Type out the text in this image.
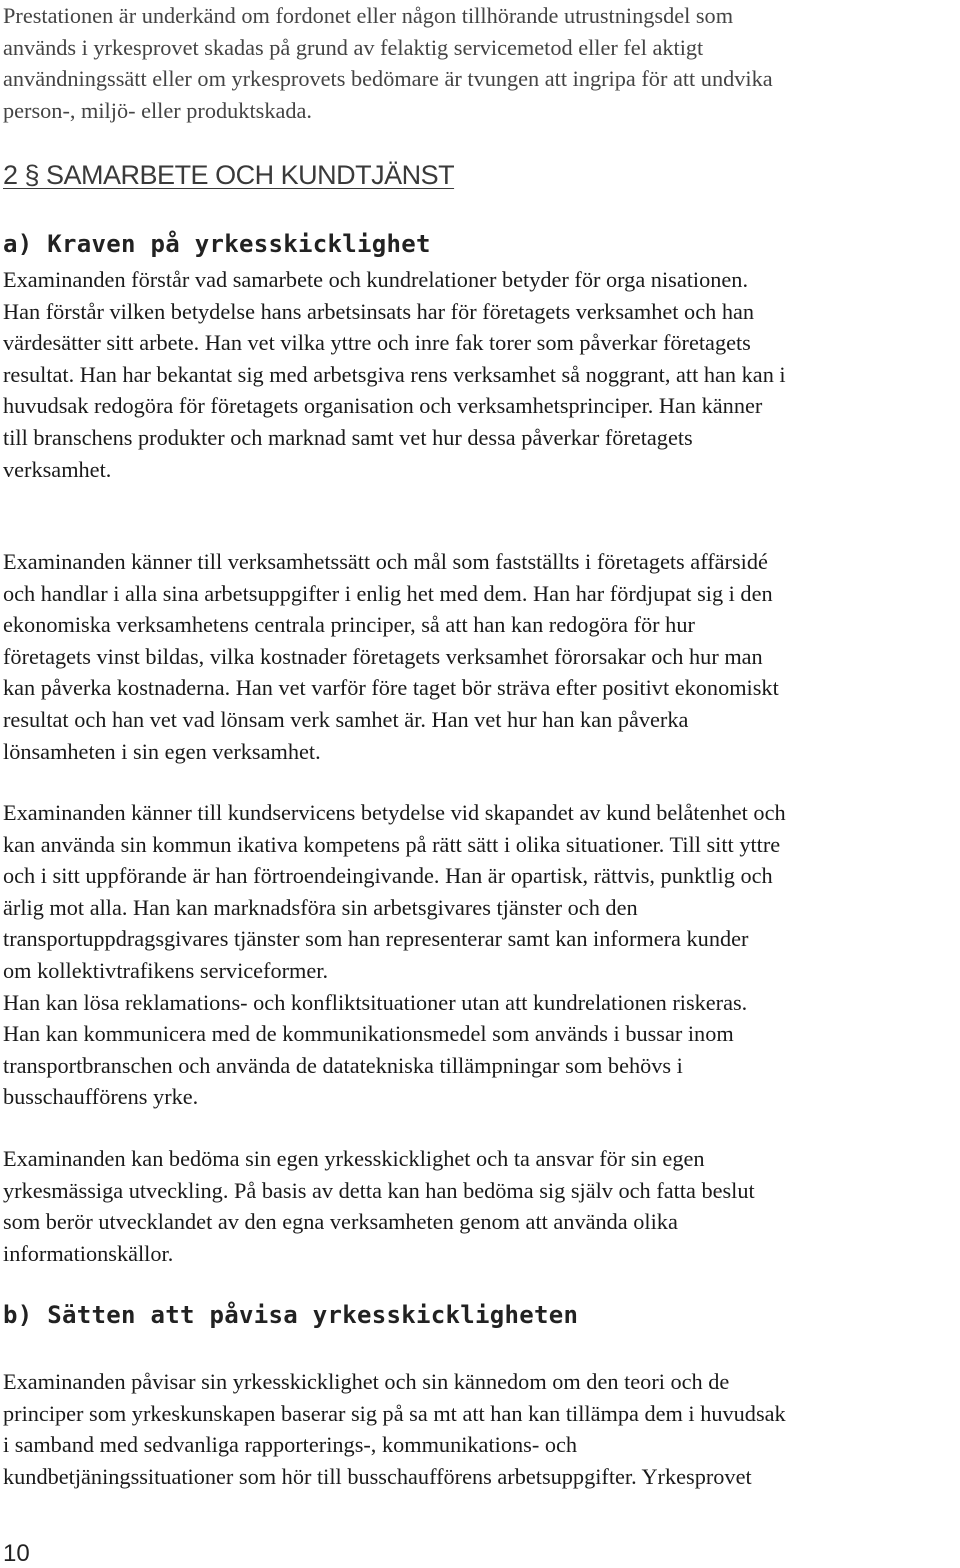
Prestationen är underkänd om fordonet eller någon tillhörande utrustningsdel som
används i yrkesprovet skadas på grund av felaktig servicemetod eller fel aktigt
användningssätt eller om yrkesprovets bedömare är tvungen att ingripa för att undvika
person-, miljö- eller produktskada.

2 § SAMARBETE OCH KUNDTJÄNST
a) Kraven på yrkesskicklighet

Examinanden förstår vad samarbete och kundrelationer betyder för orga nisationen.
Han förstår vilken betydelse hans arbetsinsats har för företagets verksamhet och han
värdesätter sitt arbete. Han vet vilka yttre och inre fak torer som påverkar företagets
resultat. Han har bekantat sig med arbetsgiva rens verksamhet så noggrant, att han kan i
huvudsak redogöra för företagets organisation och verksamhetsprinciper. Han känner
till branschens produkter och marknad samt vet hur dessa påverkar företagets
verksamhet.

Examinanden känner till verksamhetssätt och mål som fastställts i företagets affärsidé
och handlar i alla sina arbetsuppgifter i enlig het med dem. Han har fördjupat sig i den
ekonomiska verksamhetens centrala principer, så att han kan redogöra för hur
företagets vinst bildas, vilka kostnader företagets verksamhet förorsakar och hur man
kan påverka kostnaderna. Han vet varför före taget bör sträva efter positivt ekonomiskt
resultat och han vet vad lönsam verk samhet är. Han vet hur han kan påverka
lönsamheten i sin egen verksamhet.

Examinanden känner till kundservicens betydelse vid skapandet av kund belåtenhet och
kan använda sin kommun ikativa kompetens på rätt sätt i olika situationer. Till sitt yttre
och i sitt uppförande är han förtroendeingivande. Han är opartisk, rättvis, punktlig och
ärlig mot alla. Han kan marknadsföra sin arbetsgivares tjänster och den
transportuppdragsgivares tjänster som han representerar samt kan informera kunder
om kollektivtrafikens serviceformer.
Han kan lösa reklamations- och konfliktsituationer utan att kundrelationen riskeras.
Han kan kommunicera med de kommunikationsmedel som används i bussar inom
transportbranschen och använda de datatekniska tillämpningar som behövs i
busschaufförens yrke.

Examinanden kan bedöma sin egen yrkesskicklighet och ta ansvar för sin egen
yrkesmässiga utveckling. På basis av detta kan han bedöma sig själv och fatta beslut
som berör utvecklandet av den egna verksamheten genom att använda olika
informationskällor.

b) Sätten att påvisa yrkesskickligheten

Examinanden påvisar sin yrkesskicklighet och sin kännedom om den teori och de
principer som yrkeskunskapen baserar sig på sa mt att han kan tillämpa dem i huvudsak
i samband med sedvanliga rapporterings-, kommunikations- och
kundbetjäningssituationer som hör till busschaufförens arbetsuppgifter. Yrkesprovet

10
